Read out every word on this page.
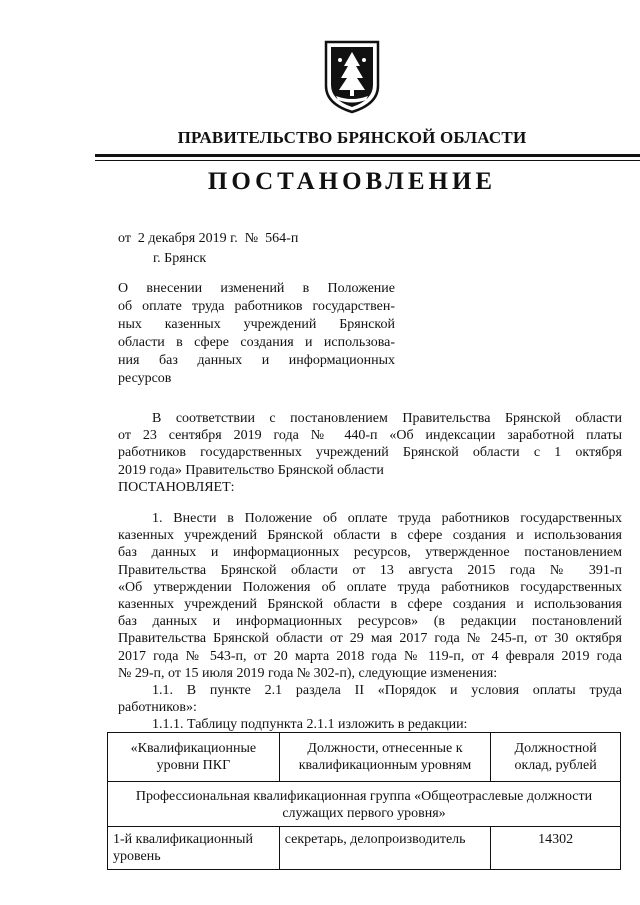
ПРАВИТЕЛЬСТВО БРЯНСКОЙ ОБЛАСТИ
ПОСТАНОВЛЕНИЕ
от  2 декабря 2019 г.  №  564-п
г. Брянск
О внесении изменений в Положение
об оплате труда работников государствен-
ных казенных учреждений Брянской
области в сфере создания и использова-
ния баз данных и информационных
ресурсов
В соответствии с постановлением Правительства Брянской области
от 23 сентября 2019 года № 440-п «Об индексации заработной платы
работников государственных учреждений Брянской области с 1 октября
2019 года» Правительство Брянской области
ПОСТАНОВЛЯЕТ:
1. Внести в Положение об оплате труда работников государственных
казенных учреждений Брянской области в сфере создания и использования
баз данных и информационных ресурсов, утвержденное постановлением
Правительства Брянской области от 13 августа 2015 года № 391-п
«Об утверждении Положения об оплате труда работников государственных
казенных учреждений Брянской области в сфере создания и использования
баз данных и информационных ресурсов» (в редакции постановлений
Правительства Брянской области от 29 мая 2017 года № 245-п, от 30 октября
2017 года № 543-п, от 20 марта 2018 года № 119-п, от 4 февраля 2019 года
№ 29-п, от 15 июля 2019 года № 302-п), следующие изменения:
1.1. В пункте 2.1 раздела II «Порядок и условия оплаты труда
работников»:
1.1.1. Таблицу подпункта 2.1.1 изложить в редакции:
«Квалификационные уровни ПКГ	Должности, отнесенные к квалификационным уровням	Должностной оклад, рублей
Профессиональная квалификационная группа «Общеотраслевые должности служащих первого уровня»		
1-й квалификационный уровень	секретарь, делопроизводитель	14302
